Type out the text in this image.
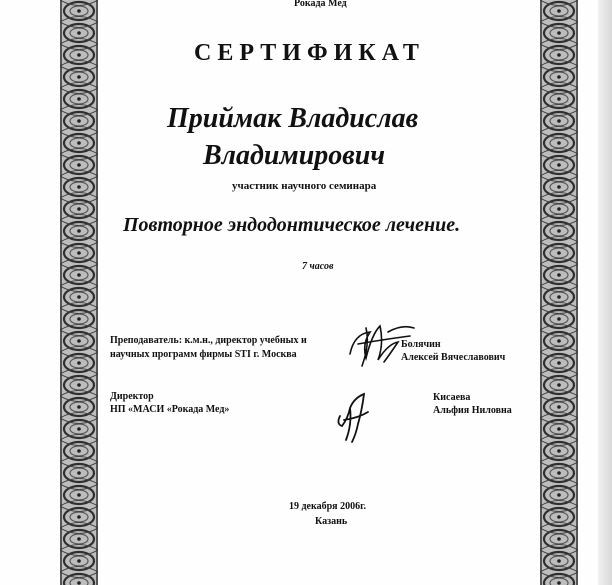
Рокада Мед
СЕРТИФИКАТ
Приймак Владислав
Владимирович
участник научного семинара
Повторное эндодонтическое лечение.
7 часов
Преподаватель: к.м.н., директор учебных и
научных программ фирмы STI г. Москва
Болячин
Алексей Вячеславович
Директор
НП «МАСИ «Рокада Мед»
Кисаева
Альфия Ниловна
19 декабря 2006г.
Казань
